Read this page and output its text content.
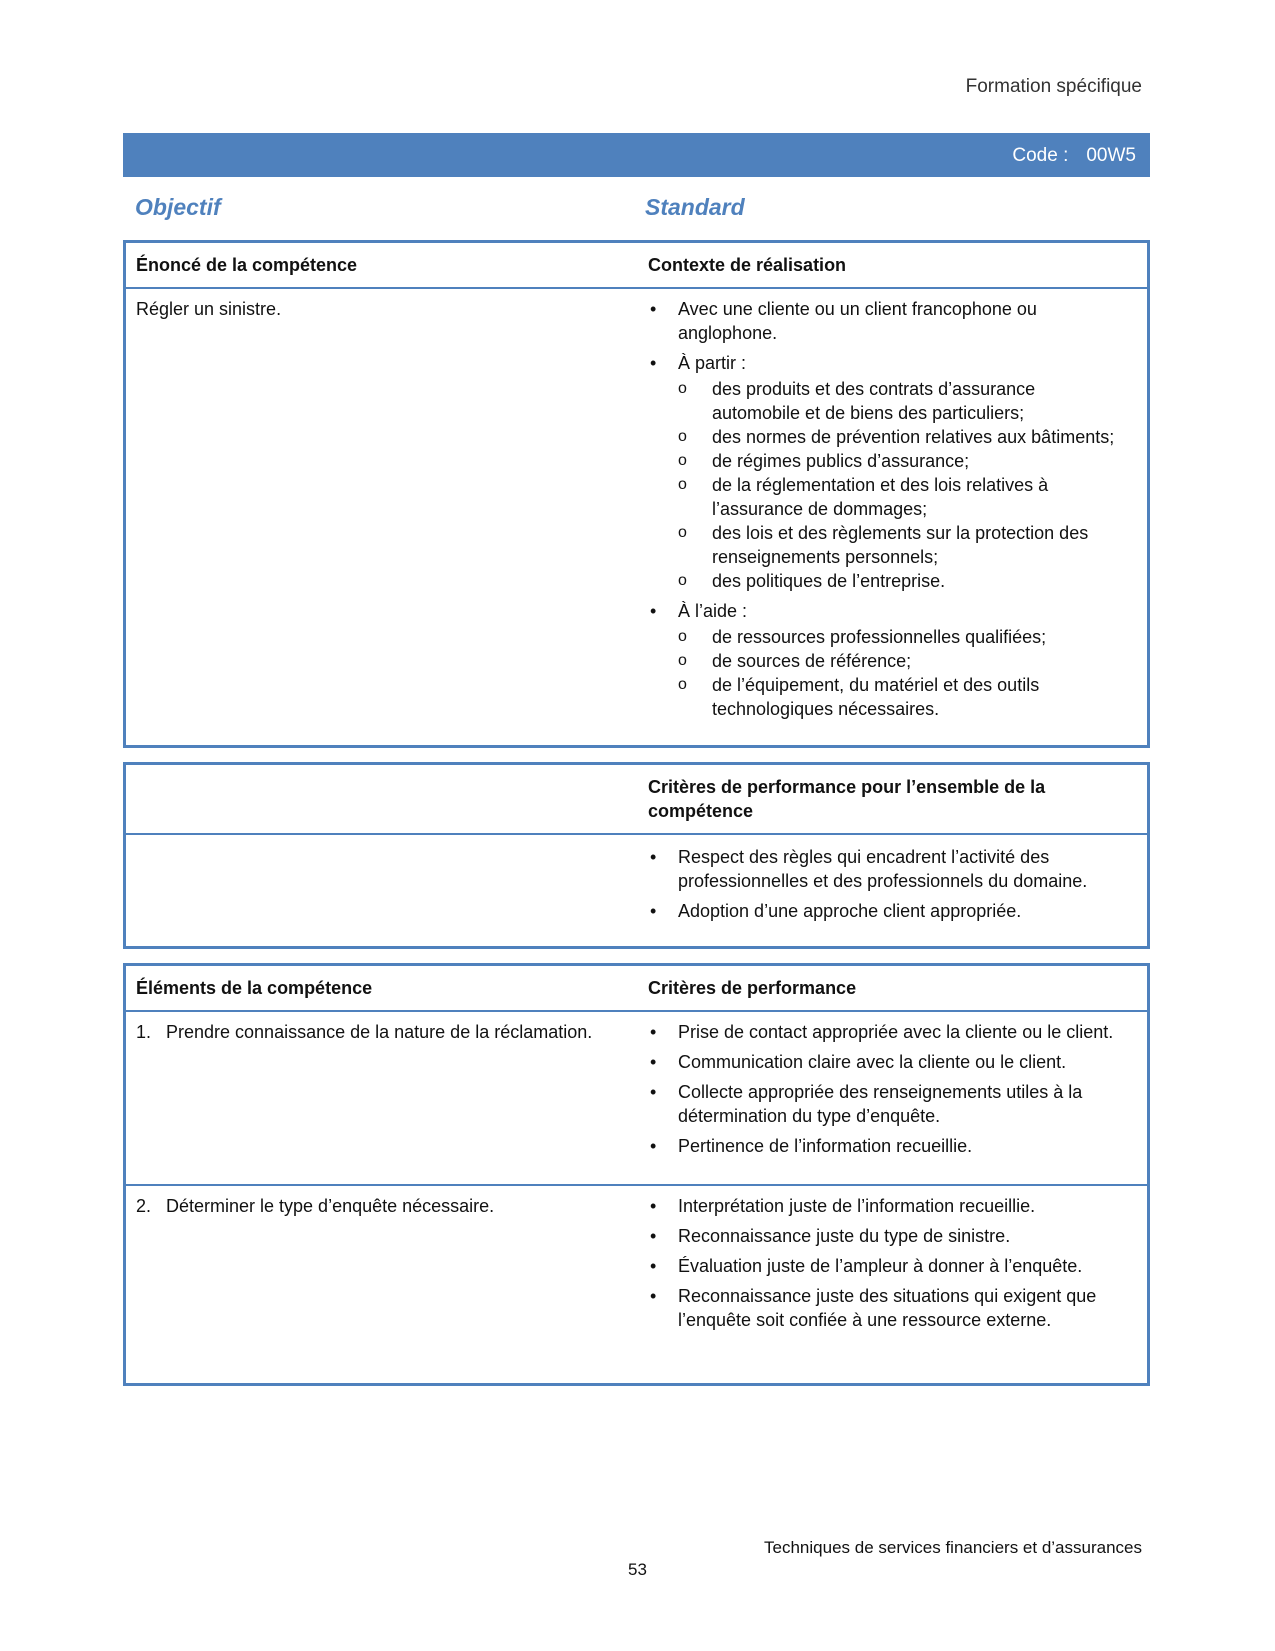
Formation spécifique
Code : 00W5
Objectif	Standard
Énoncé de la compétence	Contexte de réalisation
Régler un sinistre.	• Avec une cliente ou un client francophone ou anglophone.
• À partir :
o des produits et des contrats d’assurance automobile et de biens des particuliers;
o des normes de prévention relatives aux bâtiments;
o de régimes publics d’assurance;
o de la réglementation et des lois relatives à l’assurance de dommages;
o des lois et des règlements sur la protection des renseignements personnels;
o des politiques de l’entreprise.
• À l’aide :
o de ressources professionnelles qualifiées;
o de sources de référence;
o de l’équipement, du matériel et des outils technologiques nécessaires.
Critères de performance pour l’ensemble de la compétence
• Respect des règles qui encadrent l’activité des professionnelles et des professionnels du domaine.
• Adoption d’une approche client appropriée.
Éléments de la compétence	Critères de performance
1. Prendre connaissance de la nature de la réclamation.	• Prise de contact appropriée avec la cliente ou le client.
• Communication claire avec la cliente ou le client.
• Collecte appropriée des renseignements utiles à la détermination du type d’enquête.
• Pertinence de l’information recueillie.
2. Déterminer le type d’enquête nécessaire.	• Interprétation juste de l’information recueillie.
• Reconnaissance juste du type de sinistre.
• Évaluation juste de l’ampleur à donner à l’enquête.
• Reconnaissance juste des situations qui exigent que l’enquête soit confiée à une ressource externe.
Techniques de services financiers et d’assurances
53
